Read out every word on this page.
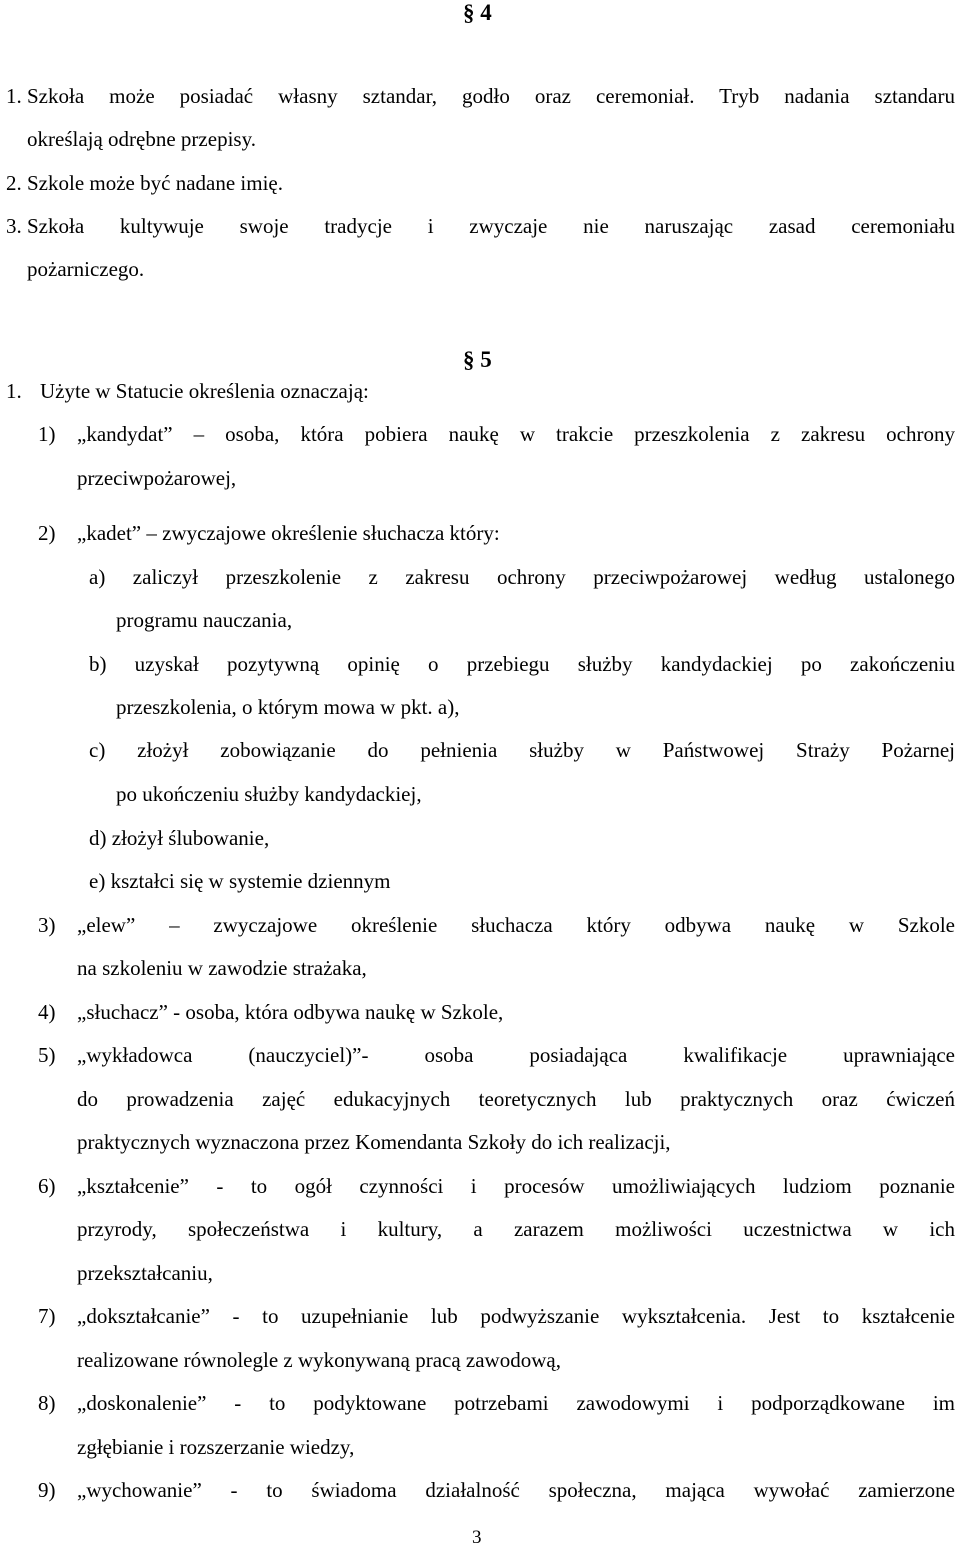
§ 4
1. Szkoła może posiadać własny sztandar, godło oraz ceremoniał. Tryb nadania sztandaru
określają odrębne przepisy.
2. Szkole może być nadane imię.
3. Szkoła kultywuje swoje tradycje i zwyczaje nie naruszając zasad ceremoniału
pożarniczego.
§ 5
1. Użyte w Statucie określenia oznaczają:
1) „kandydat” – osoba, która pobiera naukę w trakcie przeszkolenia z zakresu ochrony
przeciwpożarowej,
2) „kadet” – zwyczajowe określenie słuchacza który:
a) zaliczył przeszkolenie z zakresu ochrony przeciwpożarowej według ustalonego
programu nauczania,
b) uzyskał pozytywną opinię o przebiegu służby kandydackiej po zakończeniu
przeszkolenia, o którym mowa w pkt. a),
c) złożył zobowiązanie do pełnienia służby w Państwowej Straży Pożarnej
po ukończeniu służby kandydackiej,
d) złożył ślubowanie,
e) kształci się w systemie dziennym
3) „elew” – zwyczajowe określenie słuchacza który odbywa naukę w Szkole
na szkoleniu w zawodzie strażaka,
4) „słuchacz” - osoba, która odbywa naukę w Szkole,
5) „wykładowca (nauczyciel)”- osoba posiadająca kwalifikacje uprawniające
do prowadzenia zajęć edukacyjnych teoretycznych lub praktycznych oraz ćwiczeń
praktycznych wyznaczona przez Komendanta Szkoły do ich realizacji,
6) „kształcenie” - to ogół czynności i procesów umożliwiających ludziom poznanie
przyrody, społeczeństwa i kultury, a zarazem możliwości uczestnictwa w ich
przekształcaniu,
7) „dokształcanie” - to uzupełnianie lub podwyższanie wykształcenia. Jest to kształcenie
realizowane równolegle z wykonywaną pracą zawodową,
8) „doskonalenie” - to podyktowane potrzebami zawodowymi i podporządkowane im
zgłębianie i rozszerzanie wiedzy,
9) „wychowanie” - to świadoma działalność społeczna, mająca wywołać zamierzone
3
